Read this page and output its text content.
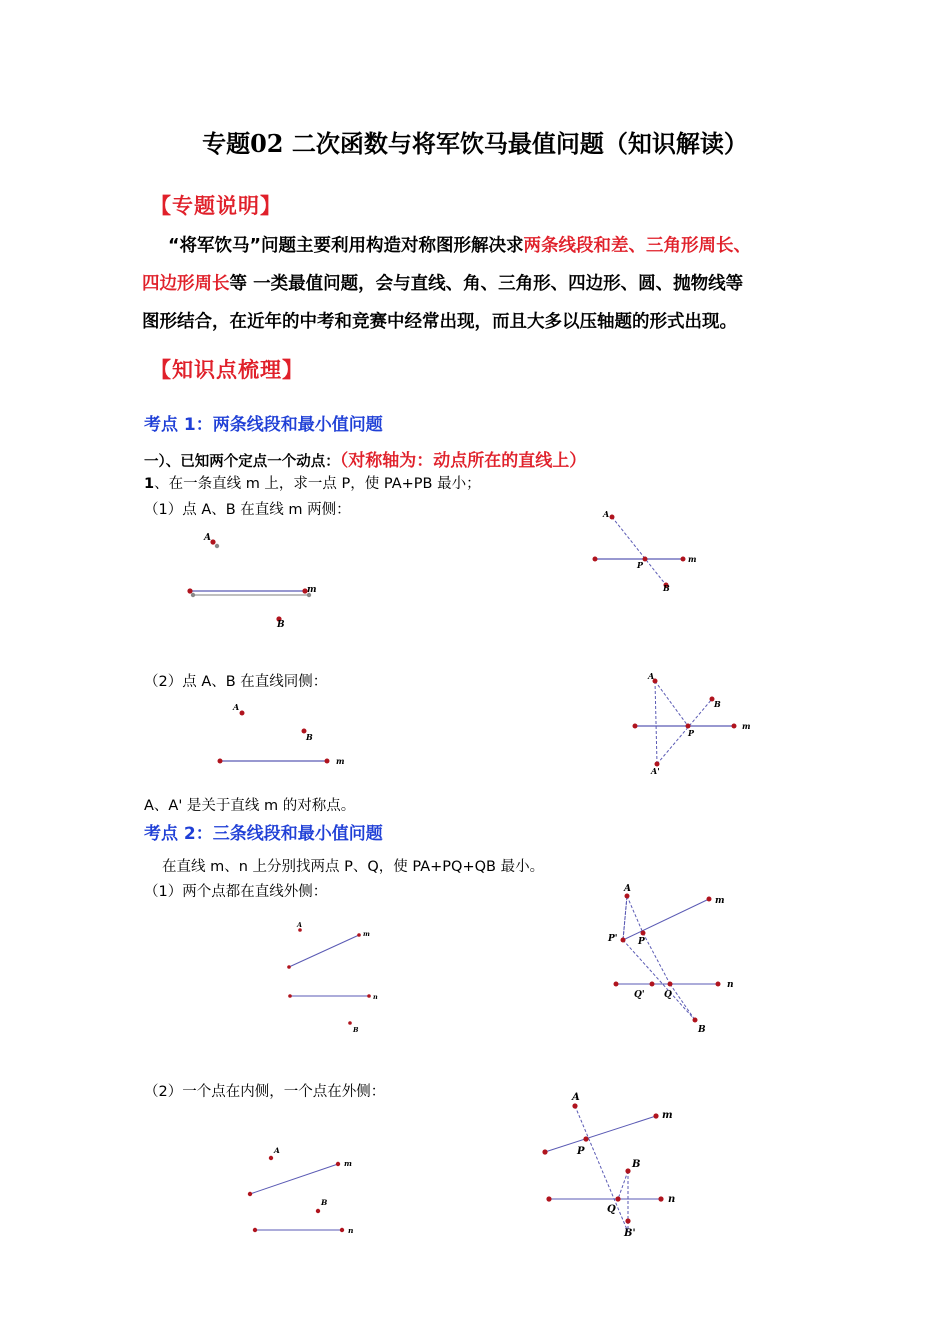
专题02 二次函数与将军饮马最值问题（知识解读）
【专题说明】
“将军饮马”问题主要利用构造对称图形解决求两条线段和差、三角形周长、
四边形周长等 一类最值问题，会与直线、角、三角形、四边形、圆、抛物线等
图形结合，在近年的中考和竞赛中经常出现，而且大多以压轴题的形式出现。
【知识点梳理】
考点 1：两条线段和最小值问题
一）、已知两个定点一个动点：（对称轴为：动点所在的直线上）
1、在一条直线 m 上，求一点 P，使 PA+PB 最小；
（1）点 A、B 在直线 m 两侧：
A
m
B
A
P
m
B
（2）点 A、B 在直线同侧：
A
B
m
A
B
P
m
A'
A、A' 是关于直线 m 的对称点。
考点 2：三条线段和最小值问题
在直线 m、n 上分别找两点 P、Q，使 PA+PQ+QB 最小。
（1）两个点都在直线外侧：
A
m
n
B
A
m
P' P
n
Q' Q
B
（2）一个点在内侧，一个点在外侧：
A
m
B
n
A
m
P
B
n
Q
B'
